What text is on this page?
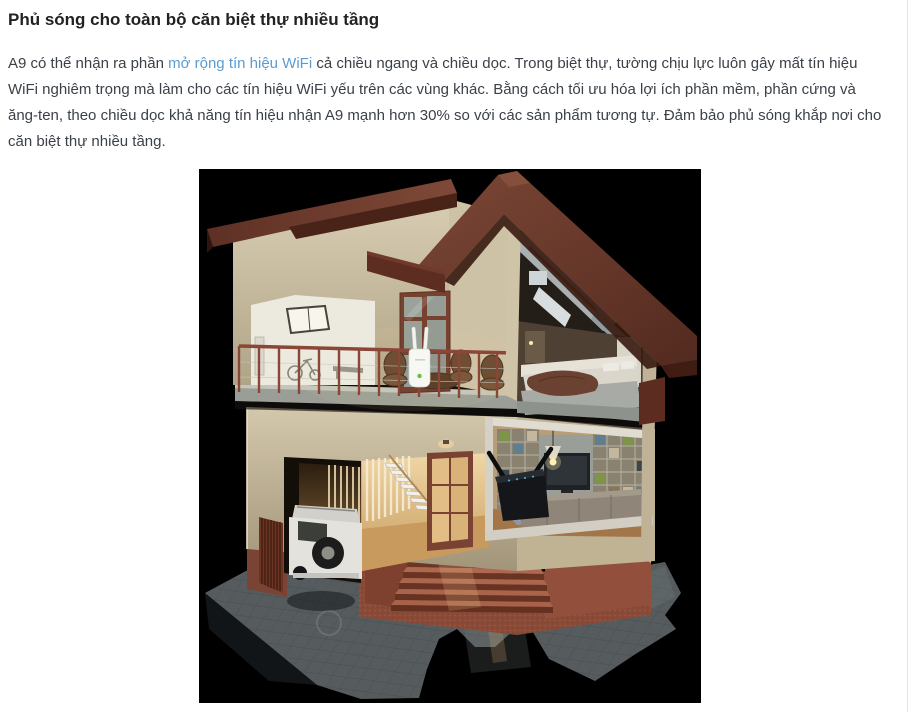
Phủ sóng cho toàn bộ căn biệt thự nhiều tầng

A9 có thể nhận ra phần mở rộng tín hiệu WiFi cả chiều ngang và chiều dọc. Trong biệt thự, tường chịu lực luôn gây mất tín hiệu WiFi nghiêm trọng mà làm cho các tín hiệu WiFi yếu trên các vùng khác. Bằng cách tối ưu hóa lợi ích phần mềm, phần cứng và ăng-ten, theo chiều dọc khả năng tín hiệu nhận A9 mạnh hơn 30% so với các sản phẩm tương tự. Đảm bảo phủ sóng khắp nơi cho căn biệt thự nhiều tầng.
